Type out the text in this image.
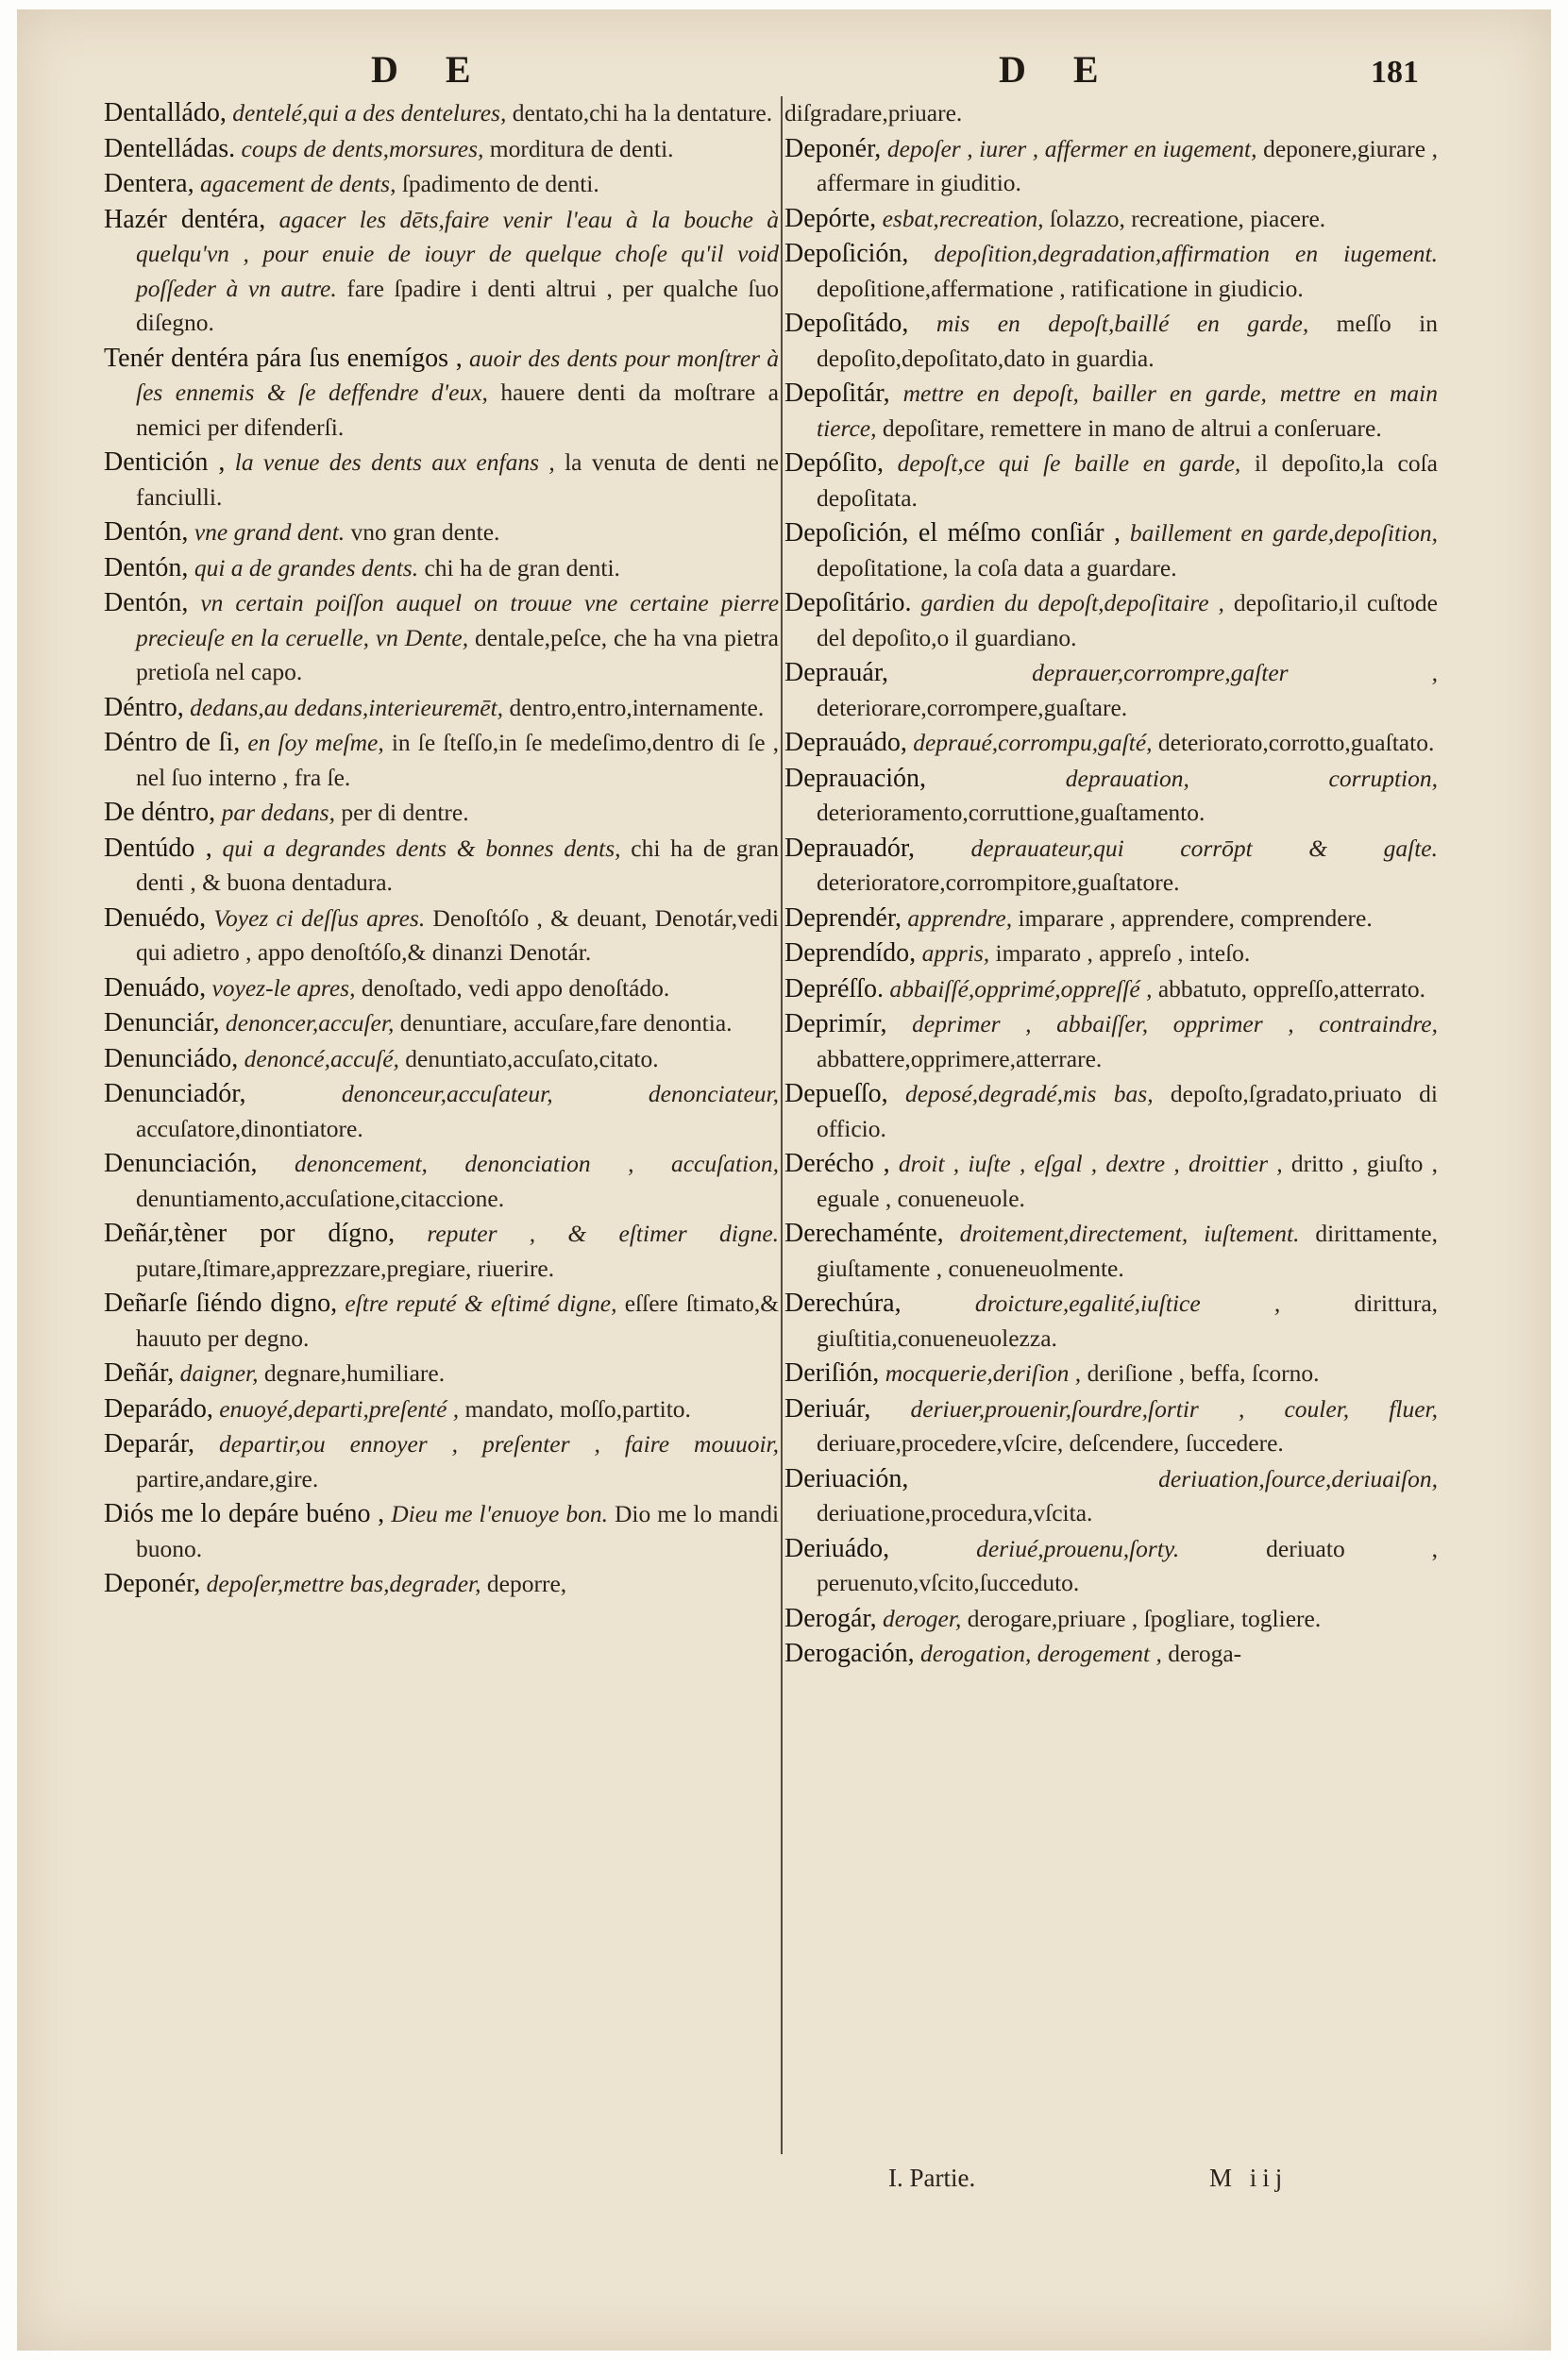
D E	D E	181

Dentalládo, dentelé,qui a des dentelures, dentato,chi ha la dentature.

Dentelládas. coups de dents,morsures, morditura de denti.

Dentera, agacement de dents, ſpadimento de denti.

Hazér dentéra, agacer les dēts,faire venir l'eau à la bouche à quelqu'vn , pour enuie de iouyr de quelque choſe qu'il void poſſeder à vn autre. fare ſpadire i denti altrui , per qualche ſuo diſegno.

Tenér dentéra pára ſus enemígos , auoir des dents pour monſtrer à ſes ennemis & ſe deffendre d'eux, hauere denti da moſtrare a nemici per difenderſi.

Dentición , la venue des dents aux enfans , la venuta de denti ne fanciulli.

Dentón, vne grand dent. vno gran dente.

Dentón, qui a de grandes dents. chi ha de gran denti.

Dentón, vn certain poiſſon auquel on trouue vne certaine pierre precieuſe en la ceruelle, vn Dente, dentale,peſce, che ha vna pietra pretioſa nel capo.

Déntro, dedans,au dedans,interieuremēt, dentro,entro,internamente.

Déntro de ſi, en ſoy meſme, in ſe ſteſſo,in ſe medeſimo,dentro di ſe , nel ſuo interno , fra ſe.

De déntro, par dedans, per di dentre.

Dentúdo , qui a degrandes dents & bonnes dents, chi ha de gran denti , & buona dentadura.

Denuédo, Voyez ci deſſus apres. Denoſtóſo , & deuant, Denotár,vedi qui adietro , appo denoſtóſo,& dinanzi Denotár.

Denuádo, voyez-le apres, denoſtado, vedi appo denoſtádo.

Denunciár, denoncer,accuſer, denuntiare, accuſare,fare denontia.

Denunciádo, denoncé,accuſé, denuntiato,accuſato,citato.

Denunciadór,	denonceur,accuſateur, denonciateur, accuſatore,dinontiatore.

Denunciación, denoncement, denonciation , accuſation, denuntiamento,accuſatione,citaccione.

Deñár,tèner por dígno, reputer , & eſtimer digne. putare,ſtimare,apprezzare,pregiare, riuerire.

Deñarſe ſiéndo digno, eſtre reputé & eſtimé digne, eſſere ſtimato,& hauuto per degno.

Deñár, daigner, degnare,humiliare.

Deparádo, enuoyé,departi,preſenté , mandato, moſſo,partito.

Deparár, departir,ou ennoyer , preſenter , faire mouuoir, partire,andare,gire.

Diós me lo depáre buéno , Dieu me l'enuoye bon. Dio me lo mandi buono.

Deponér, depoſer,mettre bas,degrader, deporre,

diſgradare,priuare.

Deponér, depoſer , iurer , affermer en iugement, deponere,giurare , affermare in giuditio.

Depórte, esbat,recreation, ſolazzo, recreatione, piacere.

Depoſición, depoſition,degradation,affirmation en iugement. depoſitione,affermatione , ratificatione in giudicio.

Depoſitádo, mis en depoſt,baillé en garde, meſſo in depoſito,depoſitato,dato in guardia.

Depoſitár, mettre en depoſt, bailler en garde, mettre en main tierce, depoſitare, remettere in mano de altrui a conſeruare.

Depóſito, depoſt,ce qui ſe baille en garde, il depoſito,la coſa depoſitata.

Depoſición, el méſmo conſiár , baillement en garde,depoſition, depoſitatione, la coſa data a guardare.

Depoſitário. gardien du depoſt,depoſitaire , depoſitario,il cuſtode del depoſito,o il guardiano.

Deprauár,	deprauer,corrompre,gaſter , deteriorare,corrompere,guaſtare.

Deprauádo, depraué,corrompu,gaſté, deteriorato,corrotto,guaſtato.

Deprauación,	deprauation, corruption, deterioramento,corruttione,guaſtamento.

Deprauadór, deprauateur,qui corrōpt & gaſte. deterioratore,corrompitore,guaſtatore.

Deprendér, apprendre, imparare , apprendere, comprendere.

Deprendído, appris, imparato , appreſo , inteſo.

Depréſſo. abbaiſſé,opprimé,oppreſſé , abbatuto, oppreſſo,atterrato.

Deprimír, deprimer , abbaiſſer, opprimer , contraindre, abbattere,opprimere,atterrare.

Depueſſo, deposé,degradé,mis bas, depoſto,ſgradato,priuato di officio.

Derécho , droit , iuſte , eſgal , dextre , droittier , dritto , giuſto , eguale , conueneuole.

Derechaménte, droitement,directement, iuſtement. dirittamente, giuſtamente , conueneuolmente.

Derechúra,	droicture,egalité,iuſtice ,	dirittura, giuſtitia,conueneuolezza.

Deriſión, mocquerie,deriſion , deriſione , beffa, ſcorno.

Deriuár, deriuer,prouenir,ſourdre,ſortir , couler, fluer, deriuare,procedere,vſcire, deſcendere, ſuccedere.

Deriuación,	deriuation,ſource,deriuaiſon, deriuatione,procedura,vſcita.

Deriuádo,	deriué,prouenu,ſorty.	deriuato , peruenuto,vſcito,ſucceduto.

Derogár, deroger, derogare,priuare , ſpogliare, togliere.

Derogación, derogation, derogement , deroga-

I. Partie.	M iij
